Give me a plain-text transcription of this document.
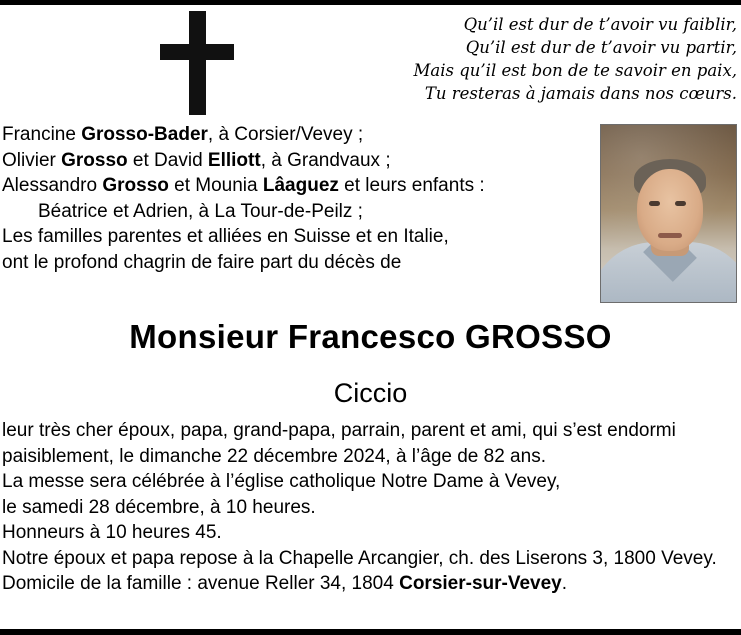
Qu’il est dur de t’avoir vu faiblir,
Qu’il est dur de t’avoir vu partir,
Mais qu’il est bon de te savoir en paix,
Tu resteras à jamais dans nos cœurs.
Francine Grosso-Bader, à Corsier/Vevey ;
Olivier Grosso et David Elliott, à Grandvaux ;
Alessandro Grosso et Mounia Lâaguez et leurs enfants :
Béatrice et Adrien, à La Tour-de-Peilz ;
Les familles parentes et alliées en Suisse et en Italie,
ont le profond chagrin de faire part du décès de
Monsieur Francesco GROSSO
Ciccio
leur très cher époux, papa, grand-papa, parrain, parent et ami, qui s’est endormi
paisiblement, le dimanche 22 décembre 2024, à l’âge de 82 ans.
La messe sera célébrée à l’église catholique Notre Dame à Vevey,
le samedi 28 décembre, à 10 heures.
Honneurs à 10 heures 45.
Notre époux et papa repose à la Chapelle Arcangier, ch. des Liserons 3, 1800 Vevey.
Domicile de la famille : avenue Reller 34, 1804 Corsier-sur-Vevey.
